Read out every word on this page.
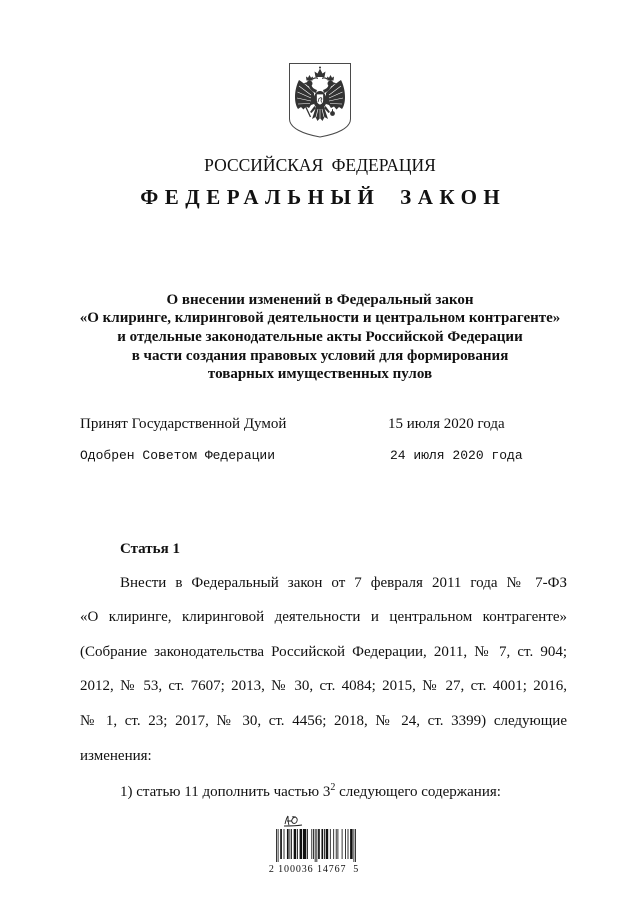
РОССИЙСКАЯ ФЕДЕРАЦИЯ
ФЕДЕРАЛЬНЫЙ ЗАКОН
О внесении изменений в Федеральный закон
«О клиринге, клиринговой деятельности и центральном контрагенте»
и отдельные законодательные акты Российской Федерации
в части создания правовых условий для формирования
товарных имущественных пулов
Принят Государственной Думой	15 июля 2020 года
Одобрен Советом Федерации	24 июля 2020 года
Статья 1
Внести в Федеральный закон от 7 февраля 2011 года № 7-ФЗ
«О клиринге, клиринговой деятельности и центральном контрагенте»
(Собрание законодательства Российской Федерации, 2011, № 7, ст. 904;
2012, № 53, ст. 7607; 2013, № 30, ст. 4084; 2015, № 27, ст. 4001; 2016,
№ 1, ст. 23; 2017, № 30, ст. 4456; 2018, № 24, ст. 3399) следующие
изменения:
1) статью 11 дополнить частью $3^2$ следующего содержания:
2 100036 14767  5
